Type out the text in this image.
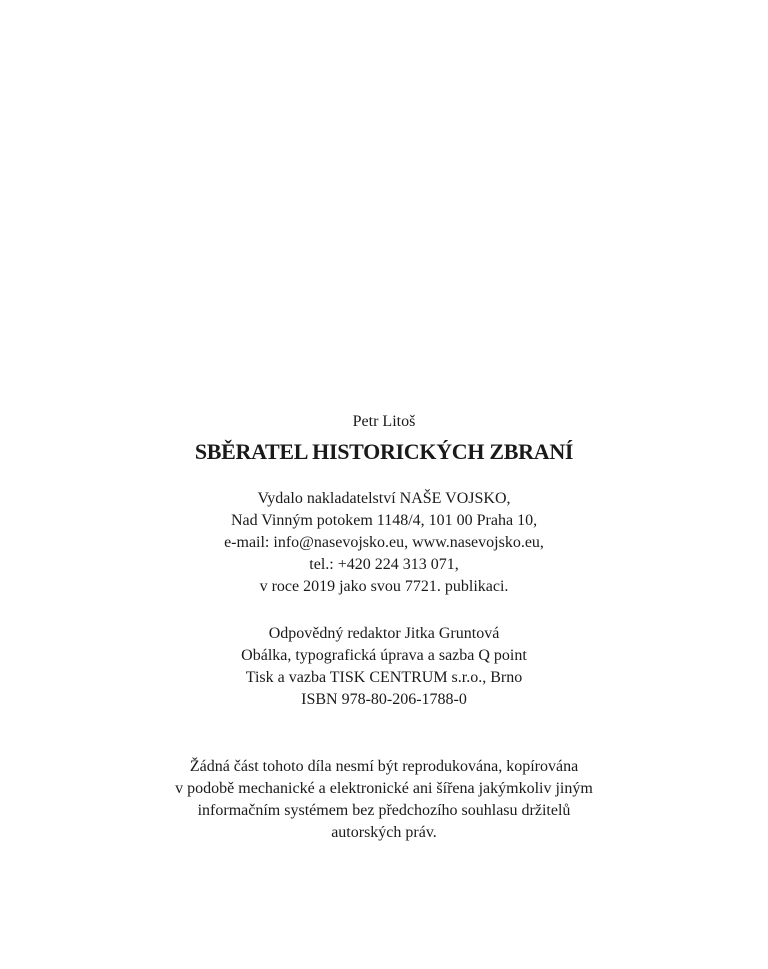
Petr Litoš
SBĚRATEL HISTORICKÝCH ZBRANÍ
Vydalo nakladatelství NAŠE VOJSKO,
Nad Vinným potokem 1148/4, 101 00 Praha 10,
e-mail: info@nasevojsko.eu, www.nasevojsko.eu,
tel.: +420 224 313 071,
v roce 2019 jako svou 7721. publikaci.
Odpovědný redaktor Jitka Gruntová
Obálka, typografická úprava a sazba Q point
Tisk a vazba TISK CENTRUM s.r.o., Brno
ISBN 978-80-206-1788-0
Žádná část tohoto díla nesmí být reprodukována, kopírována
v podobě mechanické a elektronické ani šířena jakýmkoliv jiným
informačním systémem bez předchozího souhlasu držitelů
autorských práv.
